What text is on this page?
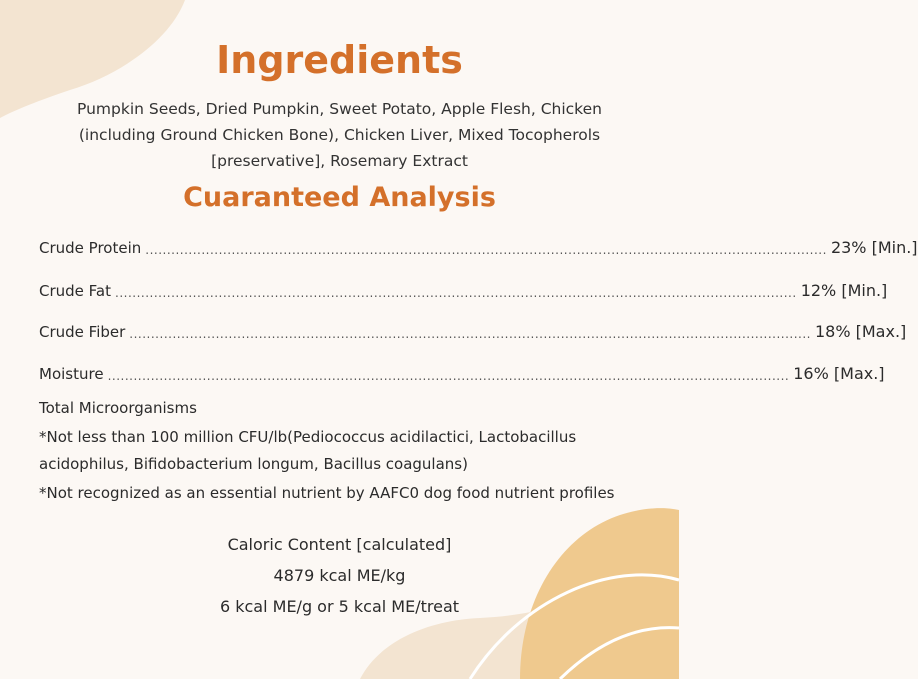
Ingredients
Pumpkin Seeds, Dried Pumpkin, Sweet Potato, Apple Flesh, Chicken
(including Ground Chicken Bone), Chicken Liver, Mixed Tocopherols
[preservative], Rosemary Extract
Cuaranteed Analysis
Crude Protein .............................................................................................................................................................. 23% [Min.]
Crude Fat .............................................................................................................................................................. 12% [Min.]
Crude Fiber .............................................................................................................................................................. 18% [Max.]
Moisture .............................................................................................................................................................. 16% [Max.]
Total Microorganisms
*Not less than 100 million CFU/lb(Pediococcus acidilactici, Lactobacillus
acidophilus, Bifidobacterium longum, Bacillus coagulans)
*Not recognized as an essential nutrient by AAFC0 dog food nutrient profiles
Caloric Content [calculated]
4879 kcal ME/kg
6 kcal ME/g or 5 kcal ME/treat
